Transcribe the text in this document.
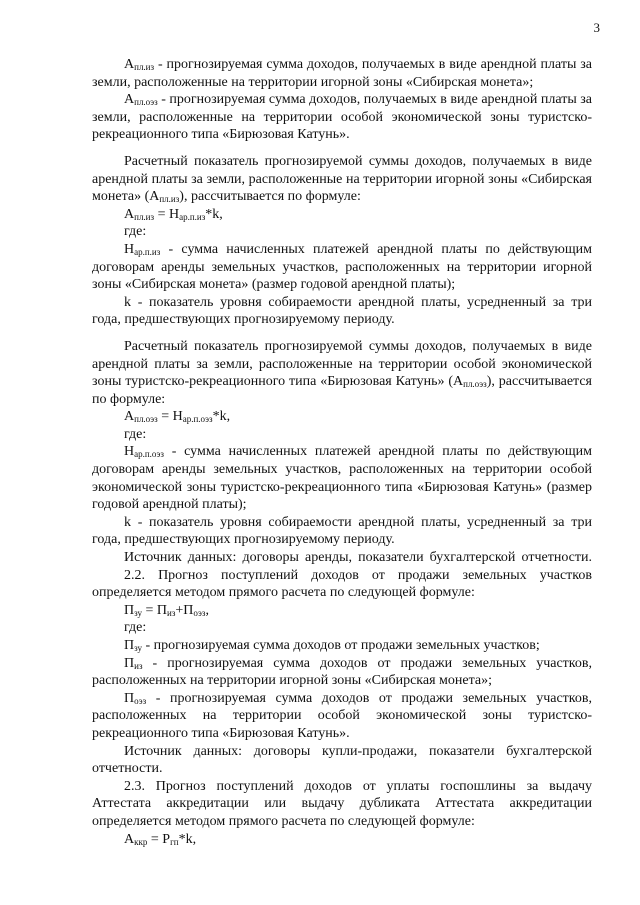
3

$А_{пл.из}$ - прогнозируемая сумма доходов, получаемых в виде арендной платы за земли, расположенные на территории игорной зоны «Сибирская монета»;

$А_{пл.оэз}$ - прогнозируемая сумма доходов, получаемых в виде арендной платы за земли, расположенные на территории особой экономической зоны туристско-рекреационного типа «Бирюзовая Катунь».

Расчетный показатель прогнозируемой суммы доходов, получаемых в виде арендной платы за земли, расположенные на территории игорной зоны «Сибирская монета» $(А_{пл.из})$, рассчитывается по формуле:

$А_{пл.из} = Н_{ар.п.из}*k$,

где:

$Н_{ар.п.из}$ - сумма начисленных платежей арендной платы по действующим договорам аренды земельных участков, расположенных на территории игорной зоны «Сибирская монета» (размер годовой арендной платы);

k - показатель уровня собираемости арендной платы, усредненный за три года, предшествующих прогнозируемому периоду.

Расчетный показатель прогнозируемой суммы доходов, получаемых в виде арендной платы за земли, расположенные на территории особой экономической зоны туристско-рекреационного типа «Бирюзовая Катунь» $(А_{пл.оэз})$, рассчитывается по формуле:

$А_{пл.оэз} = Н_{ар.п.оэз}*k$,

где:

$Н_{ар.п.оэз}$ - сумма начисленных платежей арендной платы по действующим договорам аренды земельных участков, расположенных на территории особой экономической зоны туристско-рекреационного типа «Бирюзовая Катунь» (размер годовой арендной платы);

k - показатель уровня собираемости арендной платы, усредненный за три года, предшествующих прогнозируемому периоду.

Источник данных: договоры аренды, показатели бухгалтерской отчетности.

2.2. Прогноз поступлений доходов от продажи земельных участков определяется методом прямого расчета по следующей формуле:

$П_{зу} = П_{из}+П_{оэз}$,

где:

$П_{зу}$ - прогнозируемая сумма доходов от продажи земельных участков;

$П_{из}$ - прогнозируемая сумма доходов от продажи земельных участков, расположенных на территории игорной зоны «Сибирская монета»;

$П_{оэз}$ - прогнозируемая сумма доходов от продажи земельных участков, расположенных на территории особой экономической зоны туристско-рекреационного типа «Бирюзовая Катунь».

Источник данных: договоры купли-продажи, показатели бухгалтерской отчетности.

2.3. Прогноз поступлений доходов от уплаты госпошлины за выдачу Аттестата аккредитации или выдачу дубликата Аттестата аккредитации определяется методом прямого расчета по следующей формуле:

$А_{ккр} = Р_{гп}*k$,
